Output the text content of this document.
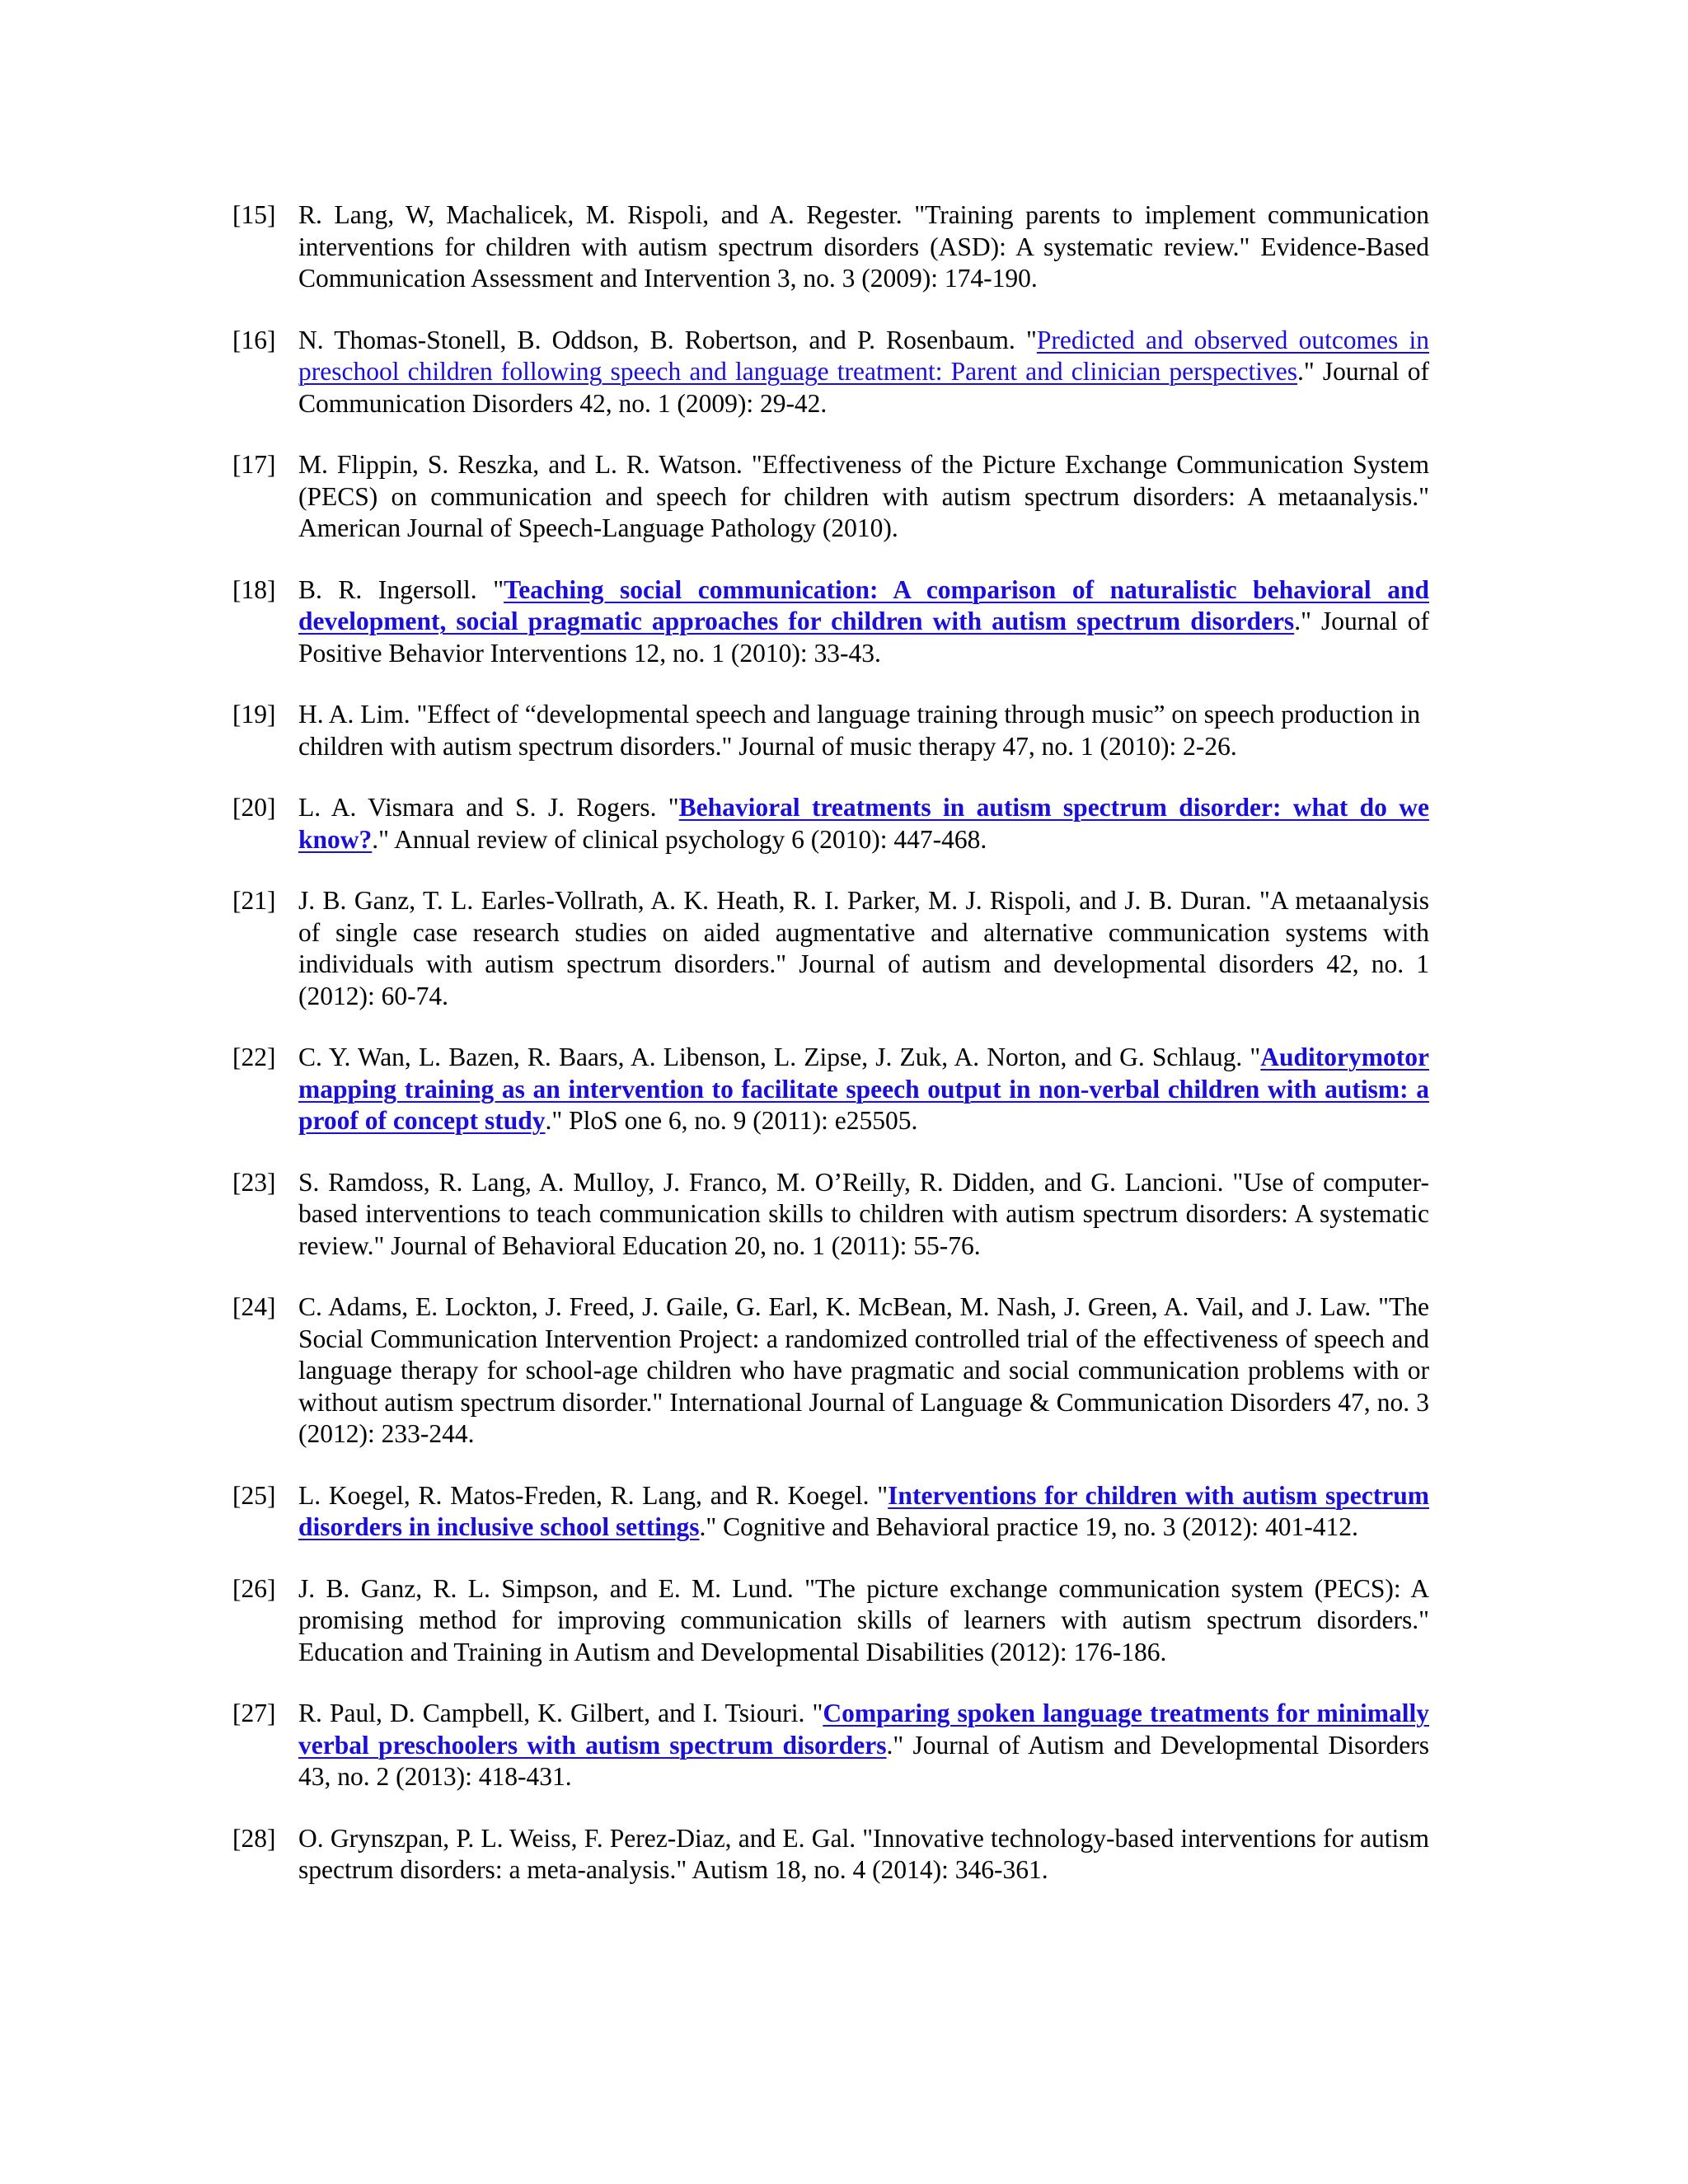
[15] R. Lang, W, Machalicek, M. Rispoli, and A. Regester. "Training parents to implement communication interventions for children with autism spectrum disorders (ASD): A systematic review." Evidence-Based Communication Assessment and Intervention 3, no. 3 (2009): 174-190.
[16] N. Thomas-Stonell, B. Oddson, B. Robertson, and P. Rosenbaum. "Predicted and observed outcomes in preschool children following speech and language treatment: Parent and clinician perspectives." Journal of Communication Disorders 42, no. 1 (2009): 29-42.
[17] M. Flippin, S. Reszka, and L. R. Watson. "Effectiveness of the Picture Exchange Communication System (PECS) on communication and speech for children with autism spectrum disorders: A metaanalysis." American Journal of Speech-Language Pathology (2010).
[18] B. R. Ingersoll. "Teaching social communication: A comparison of naturalistic behavioral and development, social pragmatic approaches for children with autism spectrum disorders." Journal of Positive Behavior Interventions 12, no. 1 (2010): 33-43.
[19] H. A. Lim. "Effect of “developmental speech and language training through music” on speech production in children with autism spectrum disorders." Journal of music therapy 47, no. 1 (2010): 2-26.
[20] L. A. Vismara and S. J. Rogers. "Behavioral treatments in autism spectrum disorder: what do we know?." Annual review of clinical psychology 6 (2010): 447-468.
[21] J. B. Ganz, T. L. Earles-Vollrath, A. K. Heath, R. I. Parker, M. J. Rispoli, and J. B. Duran. "A metaanalysis of single case research studies on aided augmentative and alternative communication systems with individuals with autism spectrum disorders." Journal of autism and developmental disorders 42, no. 1 (2012): 60-74.
[22] C. Y. Wan, L. Bazen, R. Baars, A. Libenson, L. Zipse, J. Zuk, A. Norton, and G. Schlaug. "Auditorymotor mapping training as an intervention to facilitate speech output in non-verbal children with autism: a proof of concept study." PloS one 6, no. 9 (2011): e25505.
[23] S. Ramdoss, R. Lang, A. Mulloy, J. Franco, M. O’Reilly, R. Didden, and G. Lancioni. "Use of computer-based interventions to teach communication skills to children with autism spectrum disorders: A systematic review." Journal of Behavioral Education 20, no. 1 (2011): 55-76.
[24] C. Adams, E. Lockton, J. Freed, J. Gaile, G. Earl, K. McBean, M. Nash, J. Green, A. Vail, and J. Law. "The Social Communication Intervention Project: a randomized controlled trial of the effectiveness of speech and language therapy for school-age children who have pragmatic and social communication problems with or without autism spectrum disorder." International Journal of Language & Communication Disorders 47, no. 3 (2012): 233-244.
[25] L. Koegel, R. Matos-Freden, R. Lang, and R. Koegel. "Interventions for children with autism spectrum disorders in inclusive school settings." Cognitive and Behavioral practice 19, no. 3 (2012): 401-412.
[26] J. B. Ganz, R. L. Simpson, and E. M. Lund. "The picture exchange communication system (PECS): A promising method for improving communication skills of learners with autism spectrum disorders." Education and Training in Autism and Developmental Disabilities (2012): 176-186.
[27] R. Paul, D. Campbell, K. Gilbert, and I. Tsiouri. "Comparing spoken language treatments for minimally verbal preschoolers with autism spectrum disorders." Journal of Autism and Developmental Disorders 43, no. 2 (2013): 418-431.
[28] O. Grynszpan, P. L. Weiss, F. Perez-Diaz, and E. Gal. "Innovative technology-based interventions for autism spectrum disorders: a meta-analysis." Autism 18, no. 4 (2014): 346-361.
